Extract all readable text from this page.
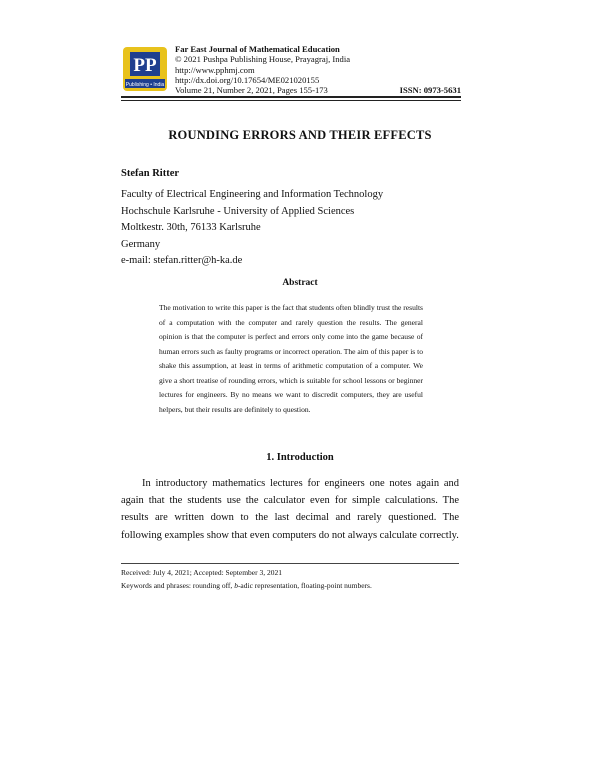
PP
Publishing • India
Far East Journal of Mathematical Education
© 2021 Pushpa Publishing House, Prayagraj, India
http://www.pphmj.com
http://dx.doi.org/10.17654/ME021020155
Volume 21, Number 2, 2021, Pages 155-173	ISSN: 0973-5631
ROUNDING ERRORS AND THEIR EFFECTS
Stefan Ritter
Faculty of Electrical Engineering and Information Technology
Hochschule Karlsruhe - University of Applied Sciences
Moltkestr. 30th, 76133 Karlsruhe
Germany
e-mail: stefan.ritter@h-ka.de
Abstract
The motivation to write this paper is the fact that students often blindly trust the results of a computation with the computer and rarely question the results. The general opinion is that the computer is perfect and errors only come into the game because of human errors such as faulty programs or incorrect operation. The aim of this paper is to shake this assumption, at least in terms of arithmetic computation of a computer. We give a short treatise of rounding errors, which is suitable for school lessons or beginner lectures for engineers. By no means we want to discredit computers, they are useful helpers, but their results are definitely to question.
1. Introduction
In introductory mathematics lectures for engineers one notes again and again that the students use the calculator even for simple calculations. The results are written down to the last decimal and rarely questioned. The following examples show that even computers do not always calculate correctly.
Received: July 4, 2021; Accepted: September 3, 2021
Keywords and phrases: rounding off, b-adic representation, floating-point numbers.
